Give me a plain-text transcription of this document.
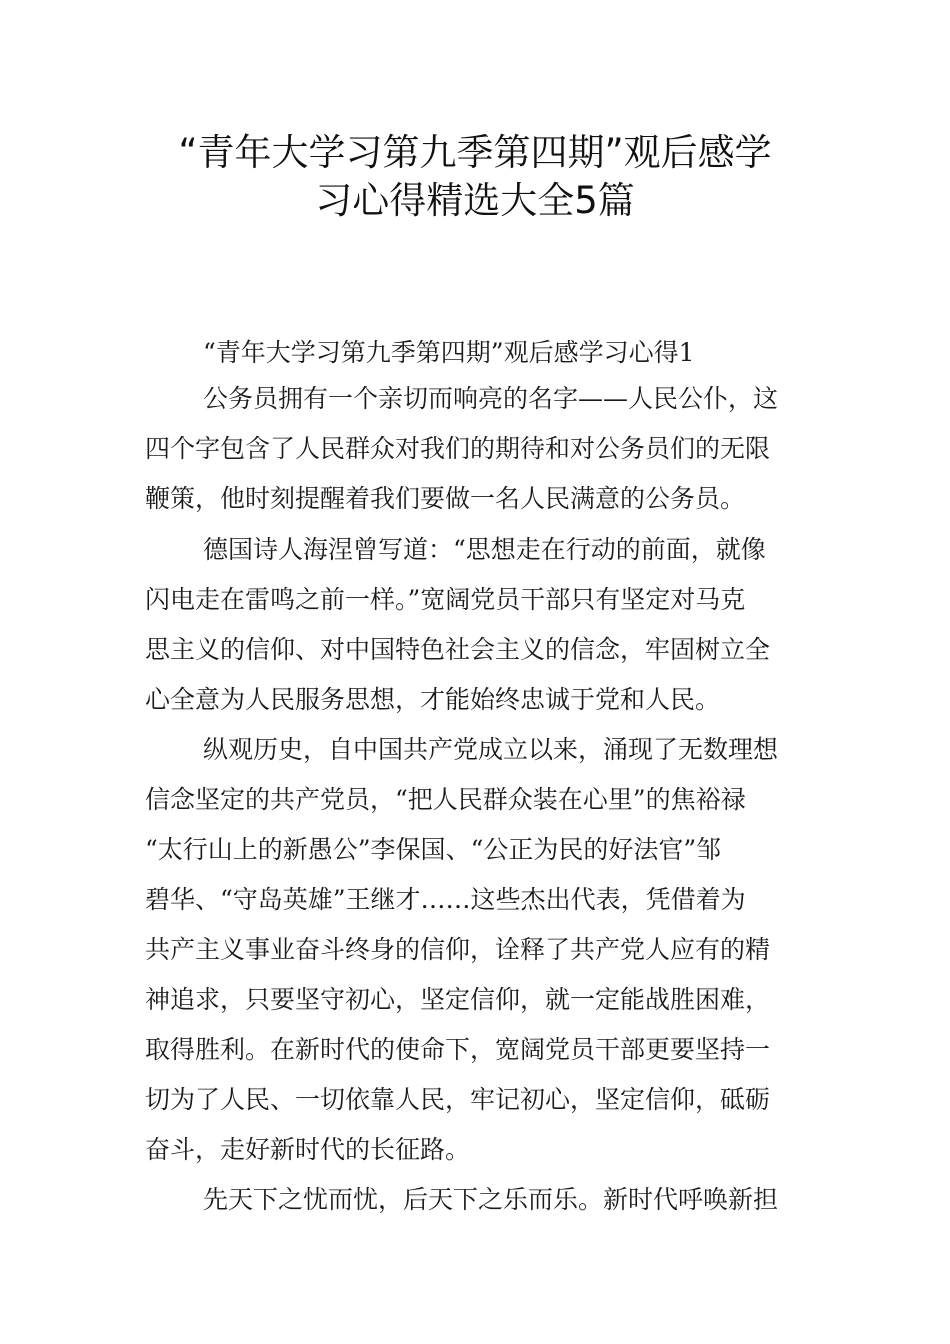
“青年大学习第九季第四期”观后感学
习心得精选大全5篇
“青年大学习第九季第四期”观后感学习心得1
公务员拥有一个亲切而响亮的名字——人民公仆，这
四个字包含了人民群众对我们的期待和对公务员们的无限
鞭策，他时刻提醒着我们要做一名人民满意的公务员。
德国诗人海涅曾写道：“思想走在行动的前面，就像
闪电走在雷鸣之前一样。”宽阔党员干部只有坚定对马克
思主义的信仰、对中国特色社会主义的信念，牢固树立全
心全意为人民服务思想，才能始终忠诚于党和人民。
纵观历史，自中国共产党成立以来，涌现了无数理想
信念坚定的共产党员，“把人民群众装在心里”的焦裕禄
“太行山上的新愚公”李保国、“公正为民的好法官”邹
碧华、“守岛英雄”王继才……这些杰出代表，凭借着为
共产主义事业奋斗终身的信仰，诠释了共产党人应有的精
神追求，只要坚守初心，坚定信仰，就一定能战胜困难，
取得胜利。在新时代的使命下，宽阔党员干部更要坚持一
切为了人民、一切依靠人民，牢记初心，坚定信仰，砥砺
奋斗，走好新时代的长征路。
先天下之忧而忧，后天下之乐而乐。新时代呼唤新担
